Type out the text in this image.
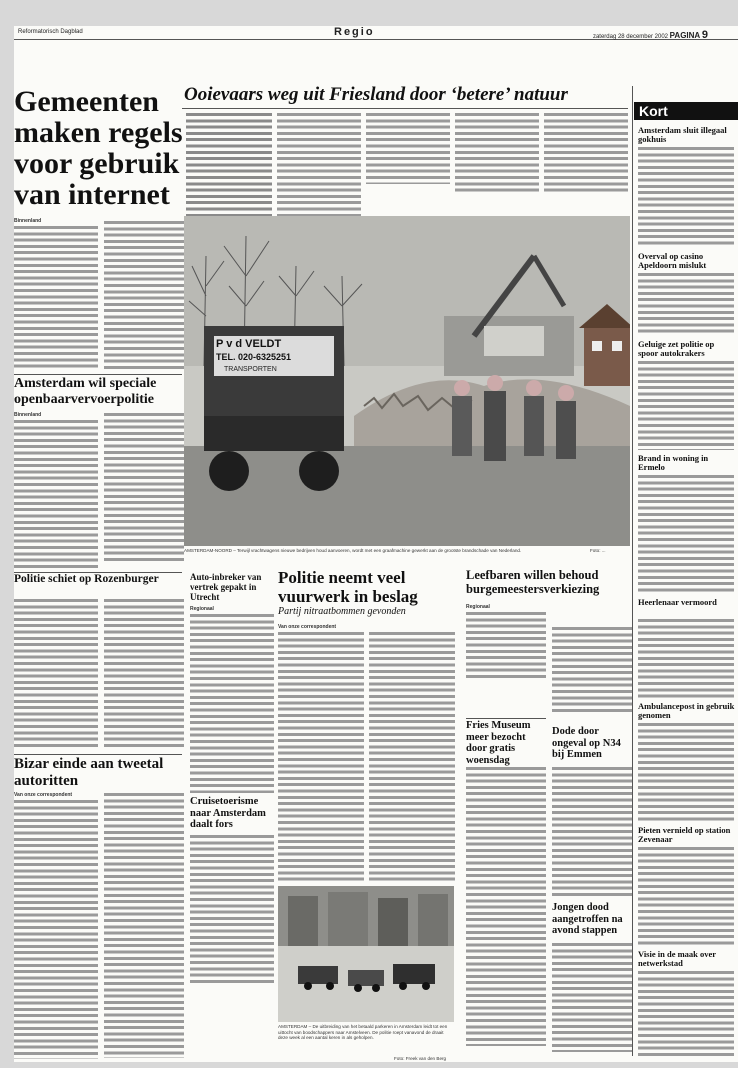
Reformatorisch Dagblad	Regio	zaterdag 28 december 2002 PAGINA 9
Ooievaars weg uit Friesland door ‘betere’ natuur
Gemeenten maken regels voor gebruik van internet
Binnenland
P v d VELDT
TEL. 020-6325251
TRANSPORTEN
AMSTERDAM-NOORD – Terwijl vrachtwagens nieuwe bedrijven houd aanvoeren, wordt met een graafmachine gewerkt aan de grootste brandschade van Nederland.	Foto: ...
Amsterdam wil speciale openbaarvervoerpolitie
Binnenland
Politie schiet op Rozenburger	Auto-inbreker van vertrek gepakt in Utrecht
Regionaal
Politie neemt veel vuurwerk in beslag
Partij nitraatbommen gevonden
Van onze correspondent
Leefbaren willen behoud burgemeestersverkiezing
Regionaal
Bizar einde aan tweetal autoritten
Van onze correspondent
Cruisetoerisme naar Amsterdam daalt fors
AMSTERDAM – De uitbreiding van het betaald parkeren in Amsterdam leidt tot een uittocht van boodschappers naar Amstelveen. De politie roept vanavond de draait deze week al een aantal keren in als geholpen.
Foto: Freek van den Berg
Fries Museum meer bezocht door gratis woensdag
Dode door ongeval op N34 bij Emmen
Jongen dood aangetroffen na avond stappen
Kort
Amsterdam sluit illegaal gokhuis
Overval op casino Apeldoorn mislukt
Geluige zet politie op spoor autokrakers
Brand in woning in Ermelo
Heerlenaar vermoord
Ambulancepost in gebruik genomen
Pieten vernield op station Zevenaar
Visie in de maak over netwerkstad
